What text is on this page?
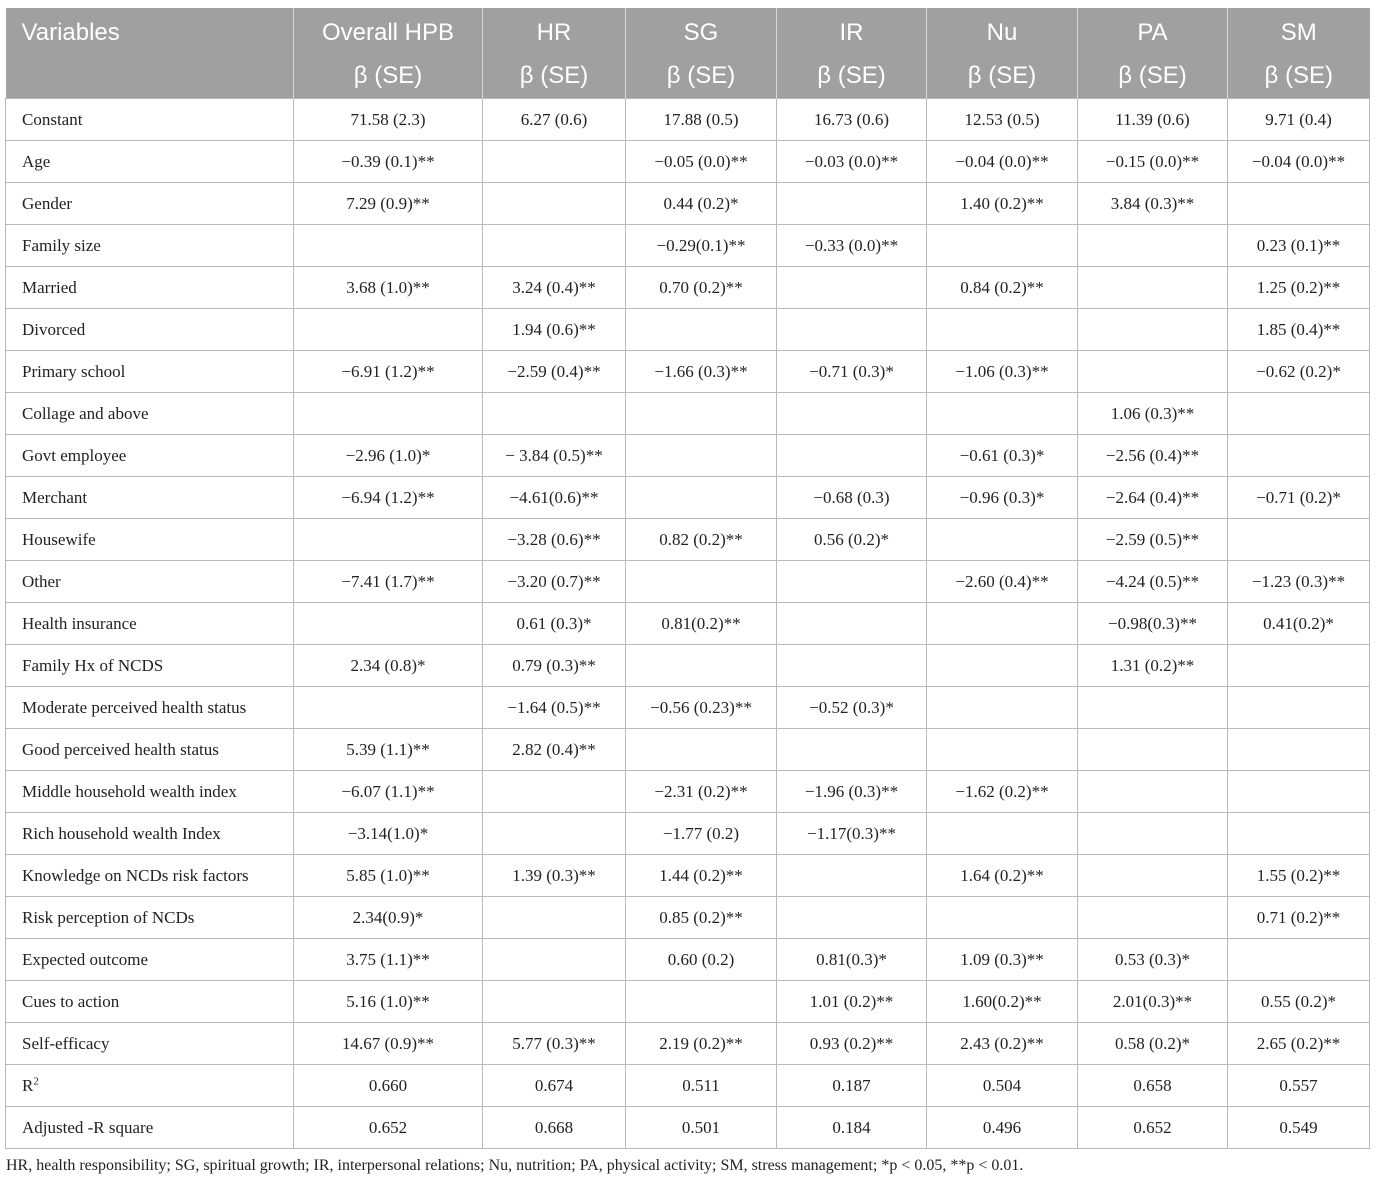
Variables	Overall HPB	HR	SG	IR	Nu	PA	SM
	β (SE)	β (SE)	β (SE)	β (SE)	β (SE)	β (SE)	β (SE)
Constant	71.58 (2.3)	6.27 (0.6)	17.88 (0.5)	16.73 (0.6)	12.53 (0.5)	11.39 (0.6)	9.71 (0.4)
Age	−0.39 (0.1)**		−0.05 (0.0)**	−0.03 (0.0)**	−0.04 (0.0)**	−0.15 (0.0)**	−0.04 (0.0)**
Gender	7.29 (0.9)**		0.44 (0.2)*		1.40 (0.2)**	3.84 (0.3)**	
Family size			−0.29(0.1)**	−0.33 (0.0)**			0.23 (0.1)**
Married	3.68 (1.0)**	3.24 (0.4)**	0.70 (0.2)**		0.84 (0.2)**		1.25 (0.2)**
Divorced		1.94 (0.6)**					1.85 (0.4)**
Primary school	−6.91 (1.2)**	−2.59 (0.4)**	−1.66 (0.3)**	−0.71 (0.3)*	−1.06 (0.3)**		−0.62 (0.2)*
Collage and above						1.06 (0.3)**	
Govt employee	−2.96 (1.0)*	− 3.84 (0.5)**			−0.61 (0.3)*	−2.56 (0.4)**	
Merchant	−6.94 (1.2)**	−4.61(0.6)**		−0.68 (0.3)	−0.96 (0.3)*	−2.64 (0.4)**	−0.71 (0.2)*
Housewife		−3.28 (0.6)**	0.82 (0.2)**	0.56 (0.2)*		−2.59 (0.5)**	
Other	−7.41 (1.7)**	−3.20 (0.7)**			−2.60 (0.4)**	−4.24 (0.5)**	−1.23 (0.3)**
Health insurance		0.61 (0.3)*	0.81(0.2)**			−0.98(0.3)**	0.41(0.2)*
Family Hx of NCDS	2.34 (0.8)*	0.79 (0.3)**				1.31 (0.2)**	
Moderate perceived health status		−1.64 (0.5)**	−0.56 (0.23)**	−0.52 (0.3)*			
Good perceived health status	5.39 (1.1)**	2.82 (0.4)**					
Middle household wealth index	−6.07 (1.1)**		−2.31 (0.2)**	−1.96 (0.3)**	−1.62 (0.2)**		
Rich household wealth Index	−3.14(1.0)*		−1.77 (0.2)	−1.17(0.3)**			
Knowledge on NCDs risk factors	5.85 (1.0)**	1.39 (0.3)**	1.44 (0.2)**		1.64 (0.2)**		1.55 (0.2)**
Risk perception of NCDs	2.34(0.9)*		0.85 (0.2)**				0.71 (0.2)**
Expected outcome	3.75 (1.1)**		0.60 (0.2)	0.81(0.3)*	1.09 (0.3)**	0.53 (0.3)*	
Cues to action	5.16 (1.0)**			1.01 (0.2)**	1.60(0.2)**	2.01(0.3)**	0.55 (0.2)*
Self-efficacy	14.67 (0.9)**	5.77 (0.3)**	2.19 (0.2)**	0.93 (0.2)**	2.43 (0.2)**	0.58 (0.2)*	2.65 (0.2)**
$R^2$	0.660	0.674	0.511	0.187	0.504	0.658	0.557
Adjusted -R square	0.652	0.668	0.501	0.184	0.496	0.652	0.549
HR, health responsibility; SG, spiritual growth; IR, interpersonal relations; Nu, nutrition; PA, physical activity; SM, stress management; *p < 0.05, **p < 0.01.
